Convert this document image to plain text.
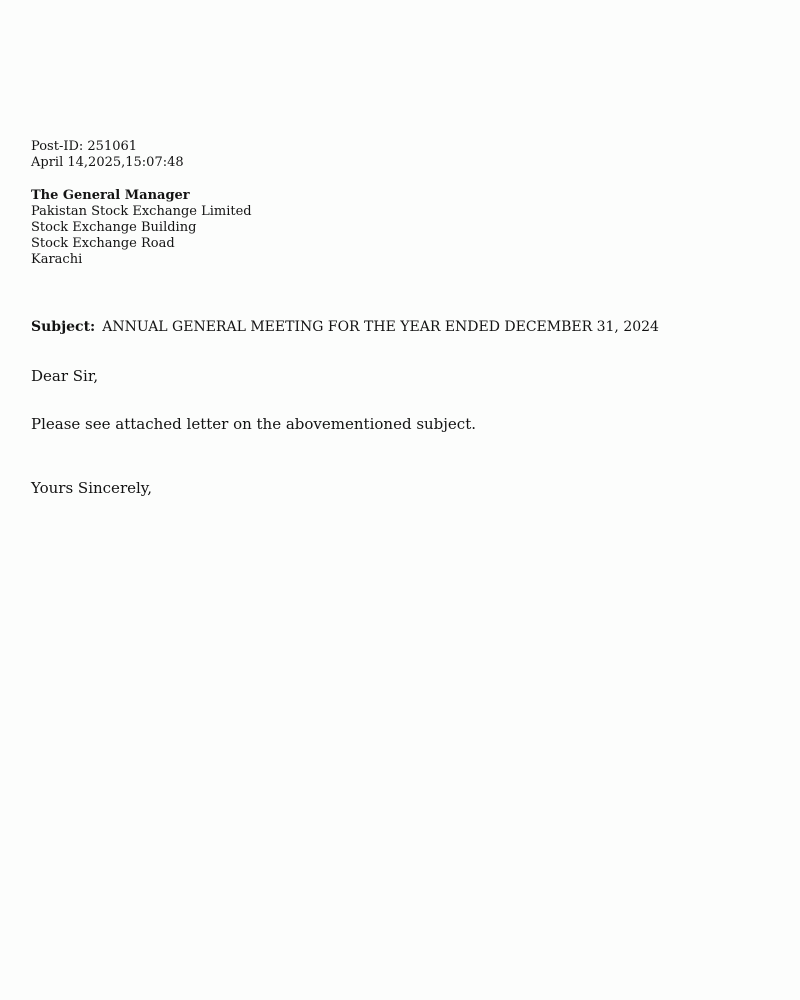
Post-ID: 251061
April 14,2025,15:07:48
The General Manager
Pakistan Stock Exchange Limited
Stock Exchange Building
Stock Exchange Road
Karachi
Subject: ANNUAL GENERAL MEETING FOR THE YEAR ENDED DECEMBER 31, 2024
Dear Sir,
Please see attached letter on the abovementioned subject.
Yours Sincerely,
